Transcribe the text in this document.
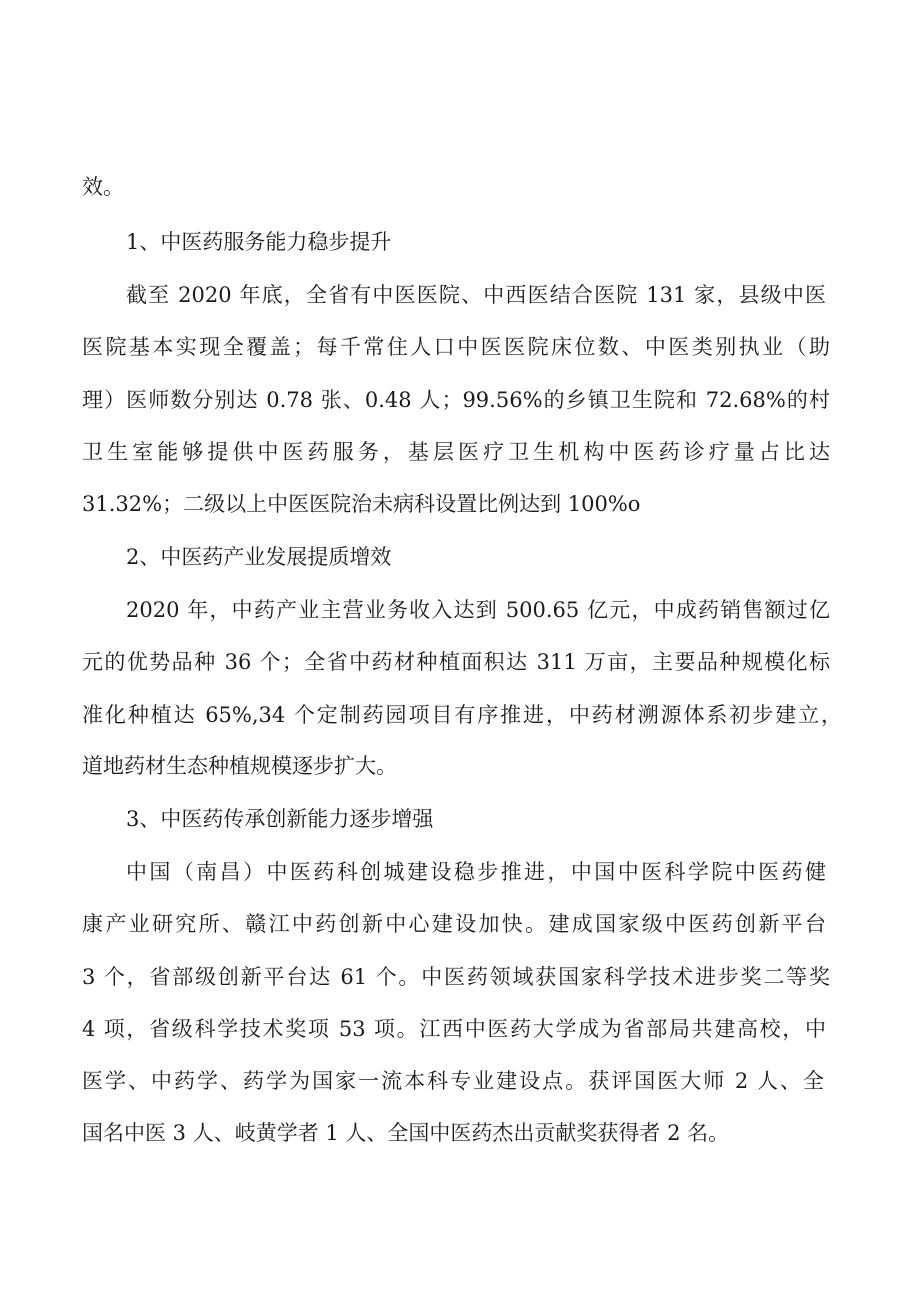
效。
1、中医药服务能力稳步提升
截至 2020 年底，全省有中医医院、中西医结合医院 131 家，县级中医
医院基本实现全覆盖；每千常住人口中医医院床位数、中医类别执业（助
理）医师数分别达 0.78 张、0.48 人；99.56%的乡镇卫生院和 72.68%的村
卫生室能够提供中医药服务，基层医疗卫生机构中医药诊疗量占比达
31.32%；二级以上中医医院治未病科设置比例达到 100%o
2、中医药产业发展提质增效
2020 年，中药产业主营业务收入达到 500.65 亿元，中成药销售额过亿
元的优势品种 36 个；全省中药材种植面积达 311 万亩，主要品种规模化标
准化种植达 65%,34 个定制药园项目有序推进，中药材溯源体系初步建立，
道地药材生态种植规模逐步扩大。
3、中医药传承创新能力逐步增强
中国（南昌）中医药科创城建设稳步推进，中国中医科学院中医药健
康产业研究所、赣江中药创新中心建设加快。建成国家级中医药创新平台
3 个，省部级创新平台达 61 个。中医药领域获国家科学技术进步奖二等奖
4 项，省级科学技术奖项 53 项。江西中医药大学成为省部局共建高校，中
医学、中药学、药学为国家一流本科专业建设点。获评国医大师 2 人、全
国名中医 3 人、岐黄学者 1 人、全国中医药杰出贡献奖获得者 2 名。
